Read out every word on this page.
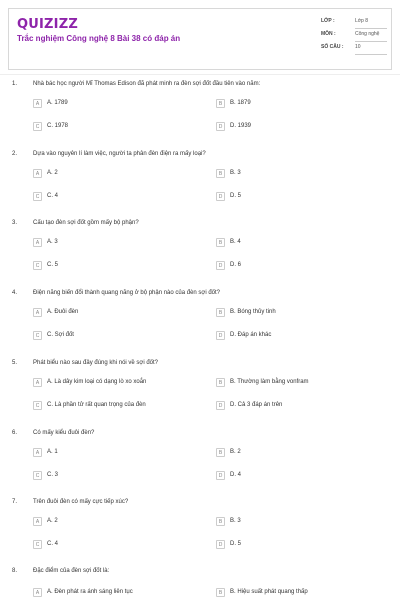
QUIZIZZ
Trắc nghiệm Công nghệ 8 Bài 38 có đáp án
LỚP :	Lớp 8
MÔN :	Công nghệ
SỐ CÂU : 10
1.	Nhà bác học người Mĩ Thomas Edison đã phát minh ra đèn sợi đốt đầu tiên vào năm:
A	A. 1789	B	B. 1879
C	C. 1978	D	D. 1939
2.	Dựa vào nguyên lí làm việc, người ta phân đèn điện ra mấy loại?
A	A. 2	B	B. 3
C	C. 4	D	D. 5
3.	Cấu tạo đèn sợi đốt gồm mấy bộ phận?
A	A. 3	B	B. 4
C	C. 5	D	D. 6
4.	Điện năng biến đổi thành quang năng ở bộ phận nào của đèn sợi đốt?
A	A. Đuôi đèn	B	B. Bóng thủy tinh
C	C. Sợi đốt	D	D. Đáp án khác
5.	Phát biểu nào sau đây đúng khi nói về sợi đốt?
A	A. Là dây kim loại có dạng lò xo xoắn	B	B. Thường làm bằng vonfram
C	C. Là phần tử rất quan trọng của đèn	D	D. Cả 3 đáp án trên
6.	Có mấy kiểu đuôi đèn?
A	A. 1	B	B. 2
C	C. 3	D	D. 4
7.	Trên đuôi đèn có mấy cực tiếp xúc?
A	A. 2	B	B. 3
C	C. 4	D	D. 5
8.	Đặc điểm của đèn sợi đốt là:
A	A. Đèn phát ra ánh sáng liên tục	B	B. Hiệu suất phát quang thấp
